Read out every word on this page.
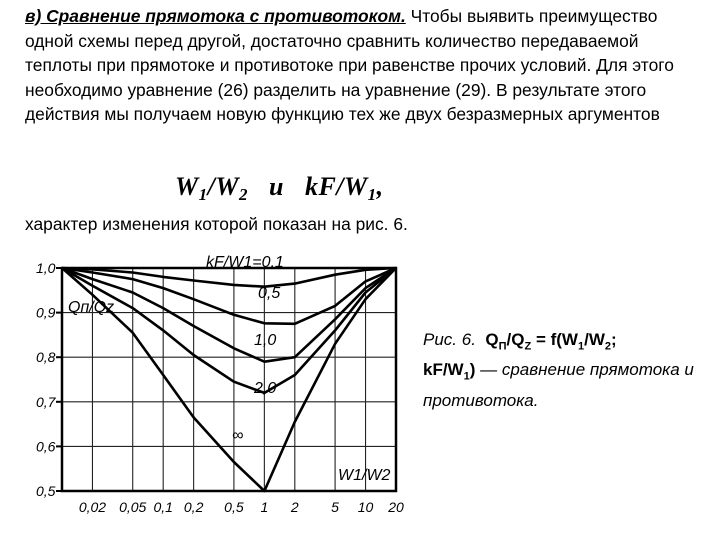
в) Сравнение прямотока с противотоком. Чтобы выявить преимущество одной схемы перед другой, достаточно сравнить количество передаваемой теплоты при прямотоке и противотоке при равенстве прочих условий. Для этого необходимо уравнение (26) разделить на уравнение (29). В результате этого действия мы получаем новую функцию тех же двух безразмерных аргументов
$W_1/W_2$ и $kF/W_1$,
характер изменения которой показан на рис. 6.
0,02 0,05 0,1 0,2 0,5 1 2 5 10 20
0,5
0,6
0,7
0,8
0,9
1,0
0,5
1,0
2,0
∞
kF/W1=0,1
Qп/Qz
W1/W2
Рис. 6. $Q_П/Q_Z = f(W_1/W_2$;
$kF/W_1$) — сравнение прямотока и противотока.
